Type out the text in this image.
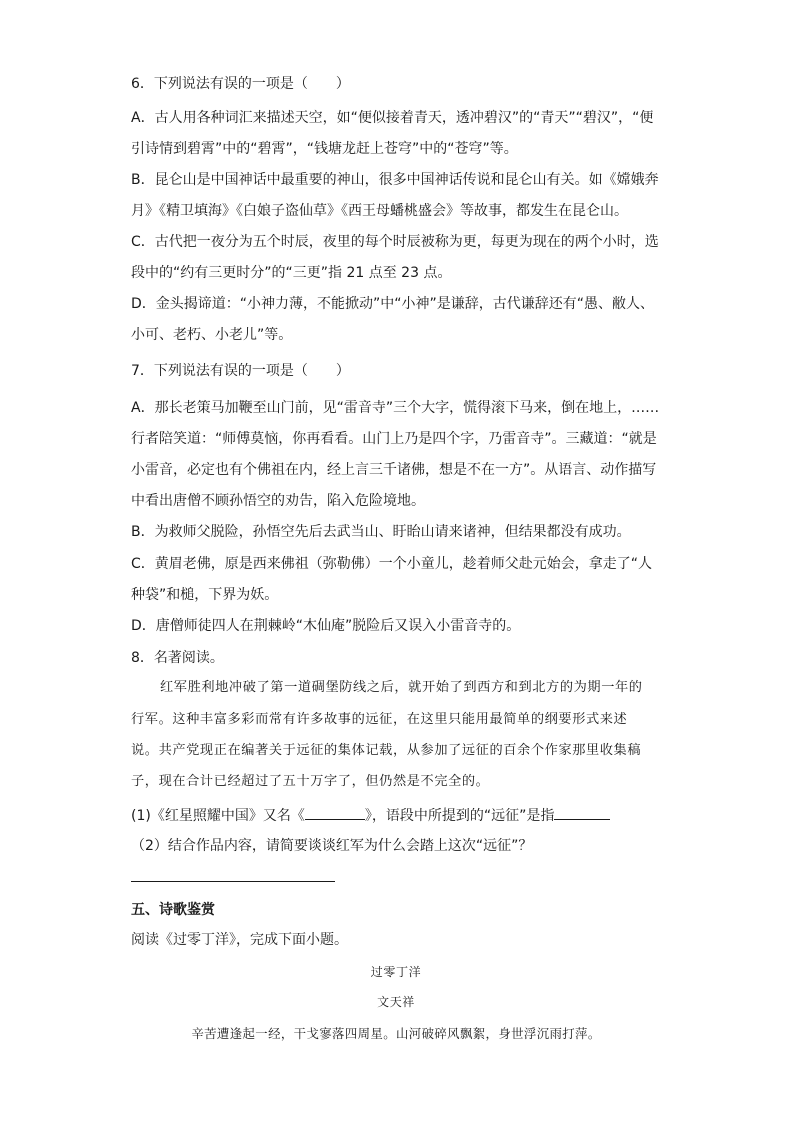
6．下列说法有误的一项是（　　）
A．古人用各种词汇来描述天空，如“便似接着青天，透冲碧汉”的“青天”“碧汉”，“便
引诗情到碧霄”中的“碧霄”，“钱塘龙赶上苍穹”中的“苍穹”等。
B．昆仑山是中国神话中最重要的神山，很多中国神话传说和昆仑山有关。如《嫦娥奔
月》《精卫填海》《白娘子盗仙草》《西王母蟠桃盛会》等故事，都发生在昆仑山。
C．古代把一夜分为五个时辰，夜里的每个时辰被称为更，每更为现在的两个小时，选
段中的“约有三更时分”的“三更”指 21 点至 23 点。
D．金头揭谛道：“小神力薄，不能掀动”中“小神”是谦辞，古代谦辞还有“愚、敝人、
小可、老朽、小老儿”等。
7．下列说法有误的一项是（　　）
A．那长老策马加鞭至山门前，见“雷音寺”三个大字，慌得滚下马来，倒在地上，……
行者陪笑道：“师傅莫恼，你再看看。山门上乃是四个字，乃雷音寺”。三藏道：“就是
小雷音，必定也有个佛祖在内，经上言三千诸佛，想是不在一方”。从语言、动作描写
中看出唐僧不顾孙悟空的劝告，陷入危险境地。
B．为救师父脱险，孙悟空先后去武当山、盱眙山请来诸神，但结果都没有成功。
C．黄眉老佛，原是西来佛祖（弥勒佛）一个小童儿，趁着师父赴元始会，拿走了“人
种袋”和槌，下界为妖。
D．唐僧师徒四人在荆棘岭“木仙庵”脱险后又误入小雷音寺的。
8．名著阅读。
红军胜利地冲破了第一道碉堡防线之后，就开始了到西方和到北方的为期一年的
行军。这种丰富多彩而常有许多故事的远征，在这里只能用最简单的纲要形式来述
说。共产党现正在编著关于远征的集体记载，从参加了远征的百余个作家那里收集稿
子，现在合计已经超过了五十万字了，但仍然是不完全的。
(1)《红星照耀中国》又名《	》，语段中所提到的“远征”是指
（2）结合作品内容，请简要谈谈红军为什么会踏上这次“远征”？
五、诗歌鉴赏
阅读《过零丁洋》，完成下面小题。
过零丁洋
文天祥
辛苦遭逢起一经，干戈寥落四周星。山河破碎风飘絮，身世浮沉雨打萍。
